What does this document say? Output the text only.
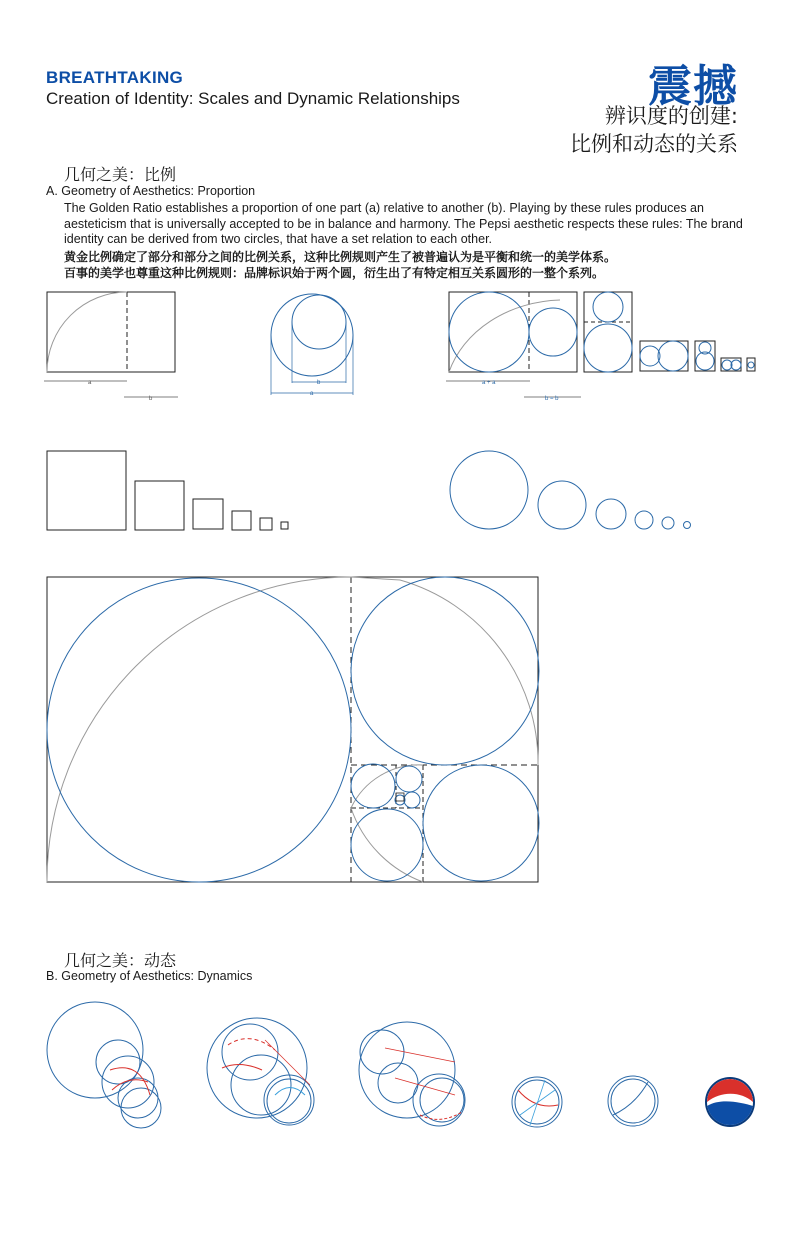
BREATHTAKING
Creation of Identity: Scales and Dynamic Relationships	震撼
辨识度的创建:
比例和动态的关系
几何之美：比例
A. Geometry of Aesthetics: Proportion
The Golden Ratio establishes a proportion of one part (a) relative to another (b). Playing by these rules produces an aesteticism that is universally accepted to be in balance and harmony. The Pepsi aesthetic respects these rules: The brand identity can be derived from two circles, that have a set relation to each other.
黄金比例确定了部分和部分之间的比例关系，这种比例规则产生了被普遍认为是平衡和统一的美学体系。
百事的美学也尊重这种比例规则：品牌标识始于两个圆，衍生出了有特定相互关系圆形的一整个系列。
几何之美：动态
B. Geometry of Aesthetics: Dynamics
a
b
b
a
a + a
b = b
